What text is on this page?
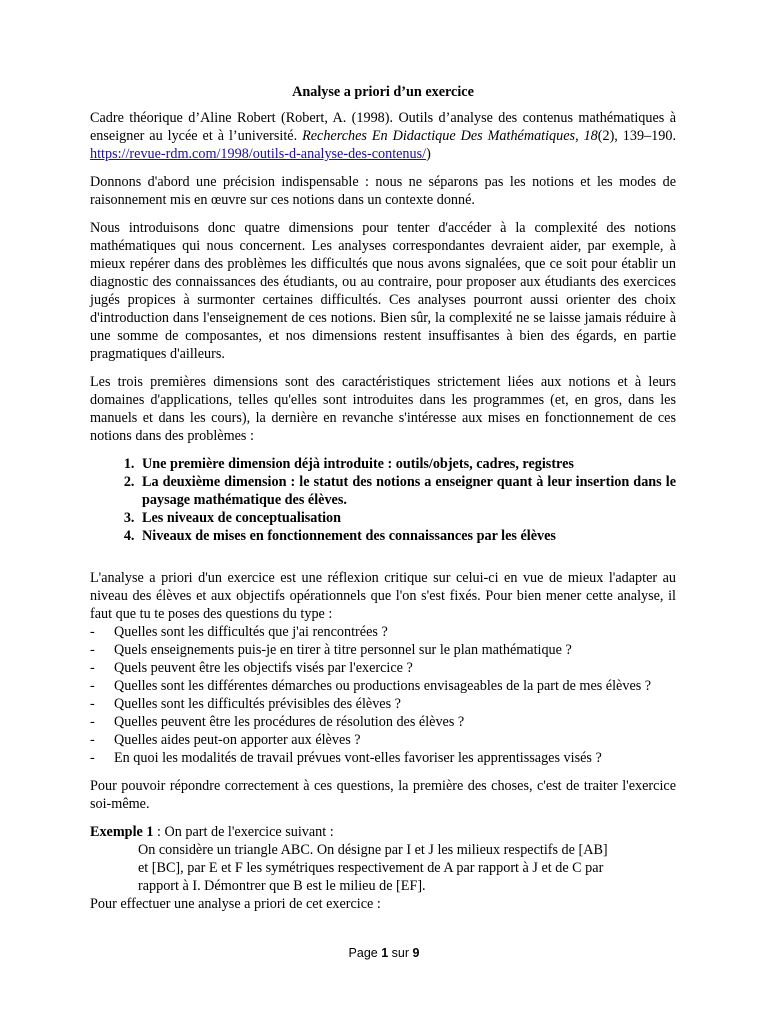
Analyse a priori d’un exercice

Cadre théorique d’Aline Robert (Robert, A. (1998). Outils d’analyse des contenus mathématiques à enseigner au lycée et à l’université. Recherches En Didactique Des Mathématiques, 18(2), 139–190. https://revue-rdm.com/1998/outils-d-analyse-des-contenus/)

Donnons d'abord une précision indispensable : nous ne séparons pas les notions et les modes de raisonnement mis en œuvre sur ces notions dans un contexte donné.

Nous introduisons donc quatre dimensions pour tenter d'accéder à la complexité des notions mathématiques qui nous concernent. Les analyses correspondantes devraient aider, par exemple, à mieux repérer dans des problèmes les difficultés que nous avons signalées, que ce soit pour établir un diagnostic des connaissances des étudiants, ou au contraire, pour proposer aux étudiants des exercices jugés propices à surmonter certaines difficultés. Ces analyses pourront aussi orienter des choix d'introduction dans l'enseignement de ces notions. Bien sûr, la complexité ne se laisse jamais réduire à une somme de composantes, et nos dimensions restent insuffisantes à bien des égards, en partie pragmatiques d'ailleurs.

Les trois premières dimensions sont des caractéristiques strictement liées aux notions et à leurs domaines d'applications, telles qu'elles sont introduites dans les programmes (et, en gros, dans les manuels et dans les cours), la dernière en revanche s'intéresse aux mises en fonctionnement de ces notions dans des problèmes :

1. Une première dimension déjà introduite : outils/objets, cadres, registres
2. La deuxième dimension : le statut des notions a enseigner quant à leur insertion dans le paysage mathématique des élèves.
3. Les niveaux de conceptualisation
4. Niveaux de mises en fonctionnement des connaissances par les élèves

L'analyse a priori d'un exercice est une réflexion critique sur celui-ci en vue de mieux l'adapter au niveau des élèves et aux objectifs opérationnels que l'on s'est fixés. Pour bien mener cette analyse, il faut que tu te poses des questions du type :

- Quelles sont les difficultés que j'ai rencontrées ?
- Quels enseignements puis-je en tirer à titre personnel sur le plan mathématique ?
- Quels peuvent être les objectifs visés par l'exercice ?
- Quelles sont les différentes démarches ou productions envisageables de la part de mes élèves ?
- Quelles sont les difficultés prévisibles des élèves ?
- Quelles peuvent être les procédures de résolution des élèves ?
- Quelles aides peut-on apporter aux élèves ?
- En quoi les modalités de travail prévues vont-elles favoriser les apprentissages visés ?

Pour pouvoir répondre correctement à ces questions, la première des choses, c'est de traiter l'exercice soi-même.

Exemple 1 : On part de l'exercice suivant :
On considère un triangle ABC. On désigne par I et J les milieux respectifs de [AB]
et [BC], par E et F les symétriques respectivement de A par rapport à J et de C par
rapport à I. Démontrer que B est le milieu de [EF].
Pour effectuer une analyse a priori de cet exercice :
Page 1 sur 9
